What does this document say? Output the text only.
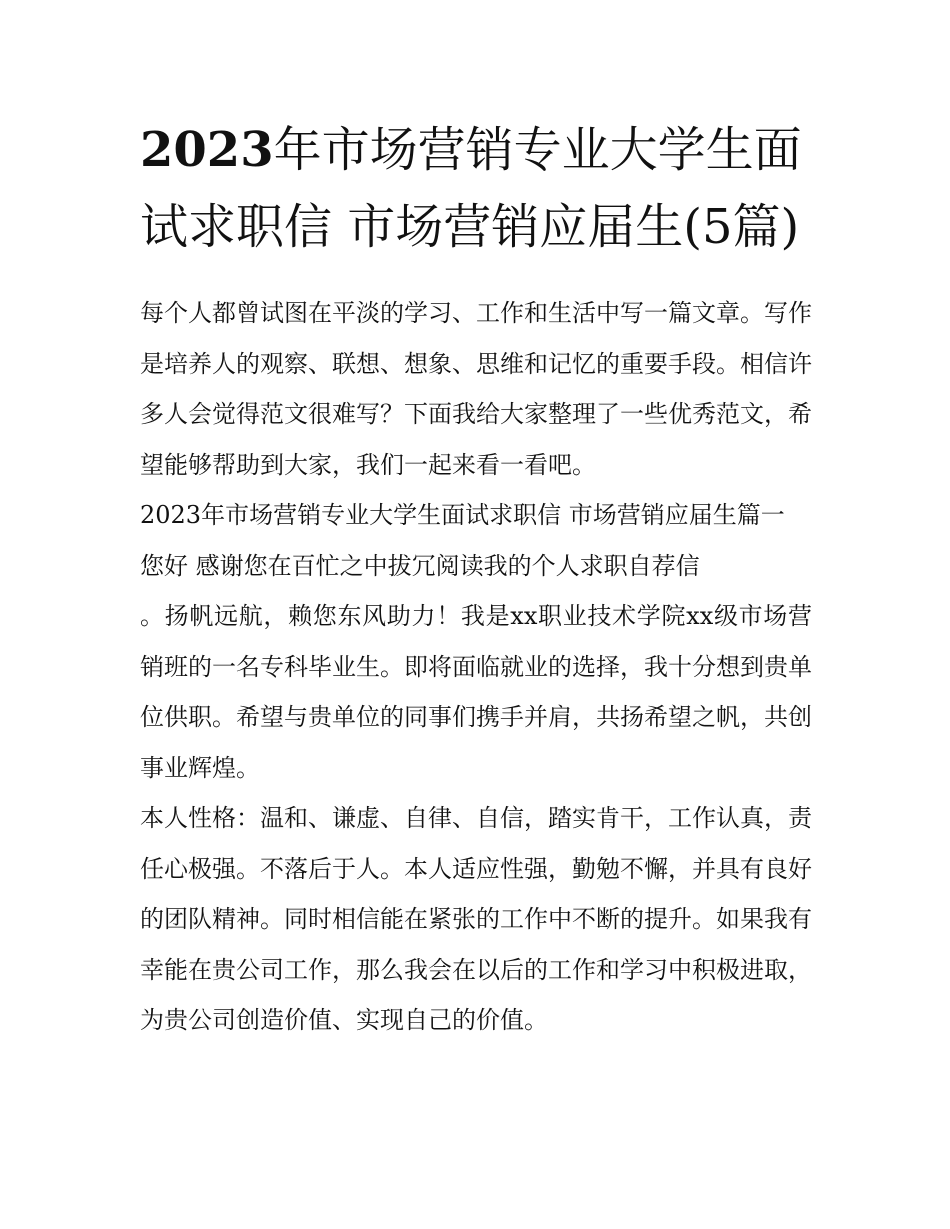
2023年市场营销专业大学生面试求职信 市场营销应届生(5篇)

每个人都曾试图在平淡的学习、工作和生活中写一篇文章。写作是培养人的观察、联想、想象、思维和记忆的重要手段。相信许多人会觉得范文很难写？下面我给大家整理了一些优秀范文，希望能够帮助到大家，我们一起来看一看吧。

2023年市场营销专业大学生面试求职信 市场营销应届生篇一

您好 感谢您在百忙之中拔冗阅读我的个人求职自荐信

。扬帆远航，赖您东风助力！我是xx职业技术学院xx级市场营销班的一名专科毕业生。即将面临就业的选择，我十分想到贵单位供职。希望与贵单位的同事们携手并肩，共扬希望之帆，共创事业辉煌。

本人性格：温和、谦虚、自律、自信，踏实肯干，工作认真，责任心极强。不落后于人。本人适应性强，勤勉不懈，并具有良好的团队精神。同时相信能在紧张的工作中不断的提升。如果我有幸能在贵公司工作，那么我会在以后的工作和学习中积极进取，为贵公司创造价值、实现自己的价值。
